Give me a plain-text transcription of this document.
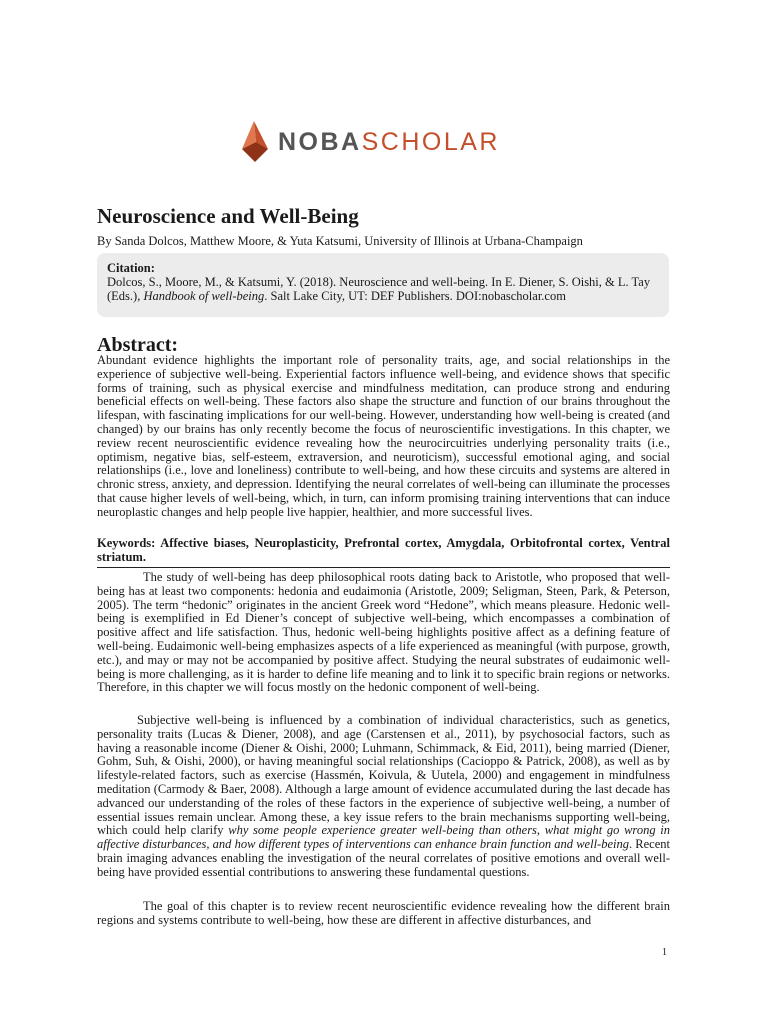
NOBASCHOLAR
Neuroscience and Well-Being

By Sanda Dolcos, Matthew Moore, & Yuta Katsumi, University of Illinois at Urbana-Champaign

Citation:

Dolcos, S., Moore, M., & Katsumi, Y. (2018). Neuroscience and well-being. In E. Diener, S. Oishi, & L. Tay (Eds.), Handbook of well-being. Salt Lake City, UT: DEF Publishers. DOI:nobascholar.com

Abstract:

Abundant evidence highlights the important role of personality traits, age, and social relationships in the experience of subjective well-being. Experiential factors influence well-being, and evidence shows that specific forms of training, such as physical exercise and mindfulness meditation, can produce strong and enduring beneficial effects on well-being. These factors also shape the structure and function of our brains throughout the lifespan, with fascinating implications for our well-being. However, understanding how well-being is created (and changed) by our brains has only recently become the focus of neuroscientific investigations. In this chapter, we review recent neuroscientific evidence revealing how the neurocircuitries underlying personality traits (i.e., optimism, negative bias, self-esteem, extraversion, and neuroticism), successful emotional aging, and social relationships (i.e., love and loneliness) contribute to well-being, and how these circuits and systems are altered in chronic stress, anxiety, and depression. Identifying the neural correlates of well-being can illuminate the processes that cause higher levels of well-being, which, in turn, can inform promising training interventions that can induce neuroplastic changes and help people live happier, healthier, and more successful lives.

Keywords: Affective biases, Neuroplasticity, Prefrontal cortex, Amygdala, Orbitofrontal cortex, Ventral striatum.

The study of well-being has deep philosophical roots dating back to Aristotle, who proposed that well-being has at least two components: hedonia and eudaimonia (Aristotle, 2009; Seligman, Steen, Park, & Peterson, 2005). The term “hedonic” originates in the ancient Greek word “Hedone”, which means pleasure. Hedonic well-being is exemplified in Ed Diener’s concept of subjective well-being, which encompasses a combination of positive affect and life satisfaction. Thus, hedonic well-being highlights positive affect as a defining feature of well-being. Eudaimonic well-being emphasizes aspects of a life experienced as meaningful (with purpose, growth, etc.), and may or may not be accompanied by positive affect. Studying the neural substrates of eudaimonic well-being is more challenging, as it is harder to define life meaning and to link it to specific brain regions or networks. Therefore, in this chapter we will focus mostly on the hedonic component of well-being.

Subjective well-being is influenced by a combination of individual characteristics, such as genetics, personality traits (Lucas & Diener, 2008), and age (Carstensen et al., 2011), by psychosocial factors, such as having a reasonable income (Diener & Oishi, 2000; Luhmann, Schimmack, & Eid, 2011), being married (Diener, Gohm, Suh, & Oishi, 2000), or having meaningful social relationships (Cacioppo & Patrick, 2008), as well as by lifestyle-related factors, such as exercise (Hassmén, Koivula, & Uutela, 2000) and engagement in mindfulness meditation (Carmody & Baer, 2008). Although a large amount of evidence accumulated during the last decade has advanced our understanding of the roles of these factors in the experience of subjective well-being, a number of essential issues remain unclear. Among these, a key issue refers to the brain mechanisms supporting well-being, which could help clarify why some people experience greater well-being than others, what might go wrong in affective disturbances, and how different types of interventions can enhance brain function and well-being. Recent brain imaging advances enabling the investigation of the neural correlates of positive emotions and overall well-being have provided essential contributions to answering these fundamental questions.

The goal of this chapter is to review recent neuroscientific evidence revealing how the different brain regions and systems contribute to well-being, how these are different in affective disturbances, and

1
